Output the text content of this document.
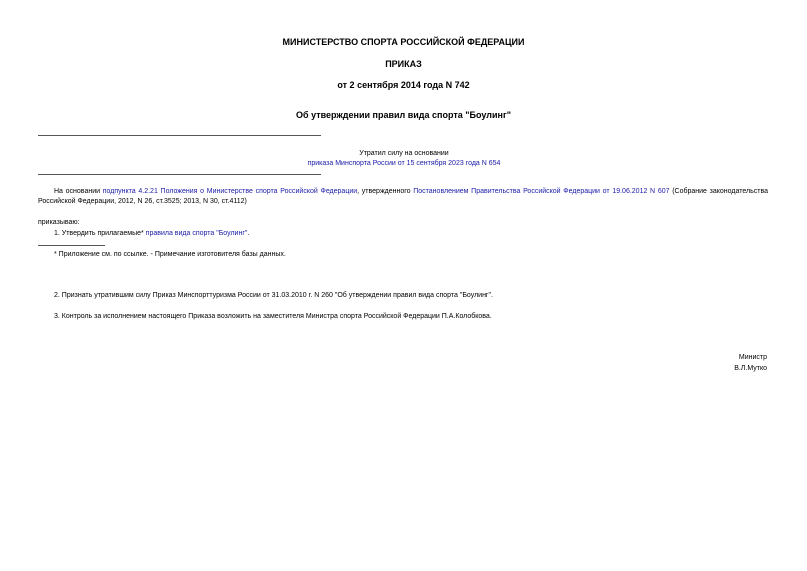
МИНИСТЕРСТВО СПОРТА РОССИЙСКОЙ ФЕДЕРАЦИИ
ПРИКАЗ
от 2 сентября 2014 года N 742
Об утверждении правил вида спорта "Боулинг"
Утратил силу на основании
приказа Минспорта России от 15 сентября 2023 года N 654
На основании подпункта 4.2.21 Положения о Министерстве спорта Российской Федерации, утвержденного Постановлением Правительства Российской Федерации от 19.06.2012 N 607 (Собрание законодательства Российской Федерации, 2012, N 26, ст.3525; 2013, N 30, ст.4112)
приказываю:
1. Утвердить прилагаемые* правила вида спорта "Боулинг".
* Приложение см. по ссылке. - Примечание изготовителя базы данных.
2. Признать утратившим силу Приказ Минспорттуризма России от 31.03.2010 г. N 260 "Об утверждении правил вида спорта "Боулинг".
3. Контроль за исполнением настоящего Приказа возложить на заместителя Министра спорта Российской Федерации П.А.Колобкова.
Министр
В.Л.Мутко
